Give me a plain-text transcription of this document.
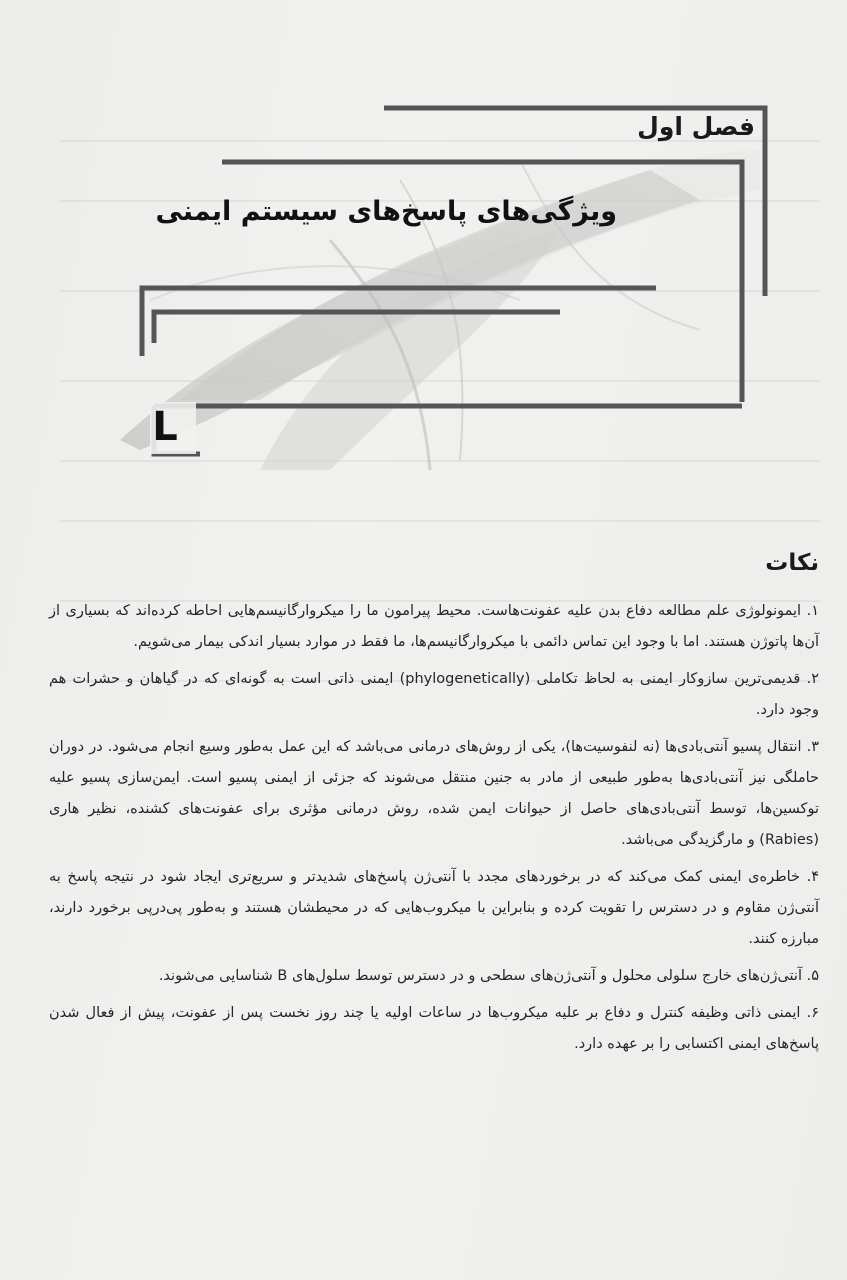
فصل اول
ویژگی‌های پاسخ‌های سیستم ایمنی
L
نکات

۱. ایمونولوژی علم مطالعه دفاع بدن علیه عفونت‌هاست. محیط پیرامون ما را میکروارگانیسم‌هایی احاطه کرده‌اند که بسیاری از آن‌ها پاتوژن هستند. اما با وجود این تماس دائمی با میکروارگانیسم‌ها، ما فقط در موارد بسیار اندکی بیمار می‌شویم.

۲. قدیمی‌ترین سازوکار ایمنی به لحاظ تکاملی (phylogenetically) ایمنی ذاتی است به گونه‌ای که در گیاهان و حشرات هم وجود دارد.

۳. انتقال پسیو آنتی‌بادی‌ها (نه لنفوسیت‌ها)، یکی از روش‌های درمانی می‌باشد که این عمل به‌طور وسیع انجام می‌شود. در دوران حاملگی نیز آنتی‌بادی‌ها به‌طور طبیعی از مادر به جنین منتقل می‌شوند که جزئی از ایمنی پسیو است. ایمن‌سازی پسیو علیه توکسین‌ها، توسط آنتی‌بادی‌های حاصل از حیوانات ایمن شده، روش درمانی مؤثری برای عفونت‌های کشنده، نظیر هاری (Rabies) و مارگزیدگی می‌باشد.

۴. خاطره‌ی ایمنی کمک می‌کند که در برخوردهای مجدد با آنتی‌ژن پاسخ‌های شدیدتر و سریع‌تری ایجاد شود در نتیجه پاسخ به آنتی‌ژن مقاوم و در دسترس را تقویت کرده و بنابراین با میکروب‌هایی که در محیطشان هستند و به‌طور پی‌درپی برخورد دارند، مبارزه کنند.

۵. آنتی‌ژن‌های خارج سلولی محلول و آنتی‌ژن‌های سطحی و در دسترس توسط سلول‌های B شناسایی می‌شوند.

۶. ایمنی ذاتی وظیفه کنترل و دفاع بر علیه میکروب‌ها در ساعات اولیه یا چند روز نخست پس از عفونت، پیش از فعال شدن پاسخ‌های ایمنی اکتسابی را بر عهده دارد.
